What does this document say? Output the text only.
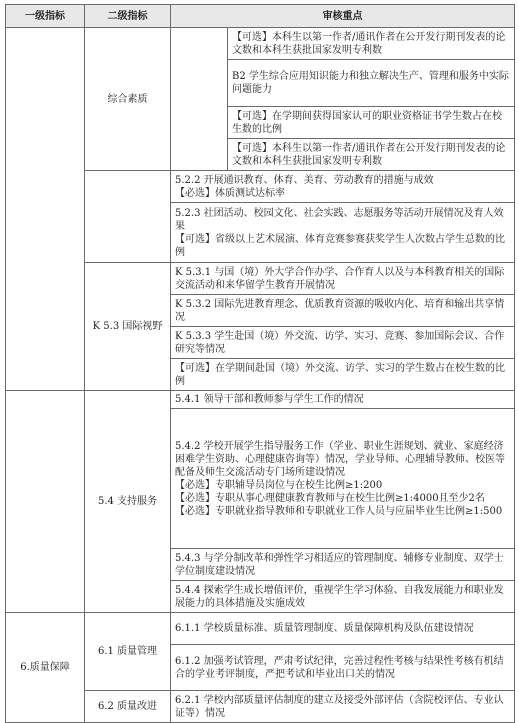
一级指标	二级指标	审核重点	
	综合素质		【可选】本科生以第一作者/通讯作者在公开发行期刊发表的论文数和本科生获批国家发明专利数
			B2 学生综合应用知识能力和独立解决生产、管理和服务中实际问题能力
			【可选】在学期间获得国家认可的职业资格证书学生数占在校生数的比例
			【可选】本科生以第一作者/通讯作者在公开发行期刊发表的论文数和本科生获批国家发明专利数

		5.2.2 开展通识教育、体育、美育、劳动教育的措施与成效
【必选】体质测试达标率	

		5.2.3 社团活动、校园文化、社会实践、志愿服务等活动开展情况及育人效果
【可选】省级以上艺术展演、体育竞赛参赛获奖学生人次数占学生总数的比例	

	K 5.3 国际视野	K 5.3.1 与国（境）外大学合作办学、合作育人以及与本科教育相关的国际交流活动和来华留学生教育开展情况	
		K 5.3.2 国际先进教育理念、优质教育资源的吸收内化、培育和输出共享情况	
		K 5.3.3 学生赴国（境）外交流、访学、实习、竞赛、参加国际会议、合作研究等情况	
		【可选】在学期间赴国（境）外交流、访学、实习的学生数占在校生数的比例	
	5.4 支持服务	5.4.1 领导干部和教师参与学生工作的情况	

		5.4.2 学校开展学生指导服务工作（学业、职业生涯规划、就业、家庭经济困难学生资助、心理健康咨询等）情况，学业导师、心理辅导教师、校医等配备及师生交流活动专门场所建设情况
【必选】专职辅导员岗位与在校生比例≥1:200
【必选】专职从事心理健康教育教师与在校生比例≥1:4000且至少2名
【必选】专职就业指导教师和专职就业工作人员与应届毕业生比例≥1:500	

		5.4.3 与学分制改革和弹性学习相适应的管理制度、辅修专业制度、双学士学位制度建设情况	
		5.4.4 探索学生成长增值评价，重视学生学习体验、自我发展能力和职业发展能力的具体措施及实施成效	
6.质量保障	6.1 质量管理	6.1.1 学校质量标准、质量管理制度、质量保障机构及队伍建设情况	
		6.1.2 加强考试管理，严肃考试纪律，完善过程性考核与结果性考核有机结合的学业考评制度，严把考试和毕业出口关的情况	
	6.2 质量改进	6.2.1 学校内部质量评估制度的建立及接受外部评估（含院校评估、专业认证等）情况	
